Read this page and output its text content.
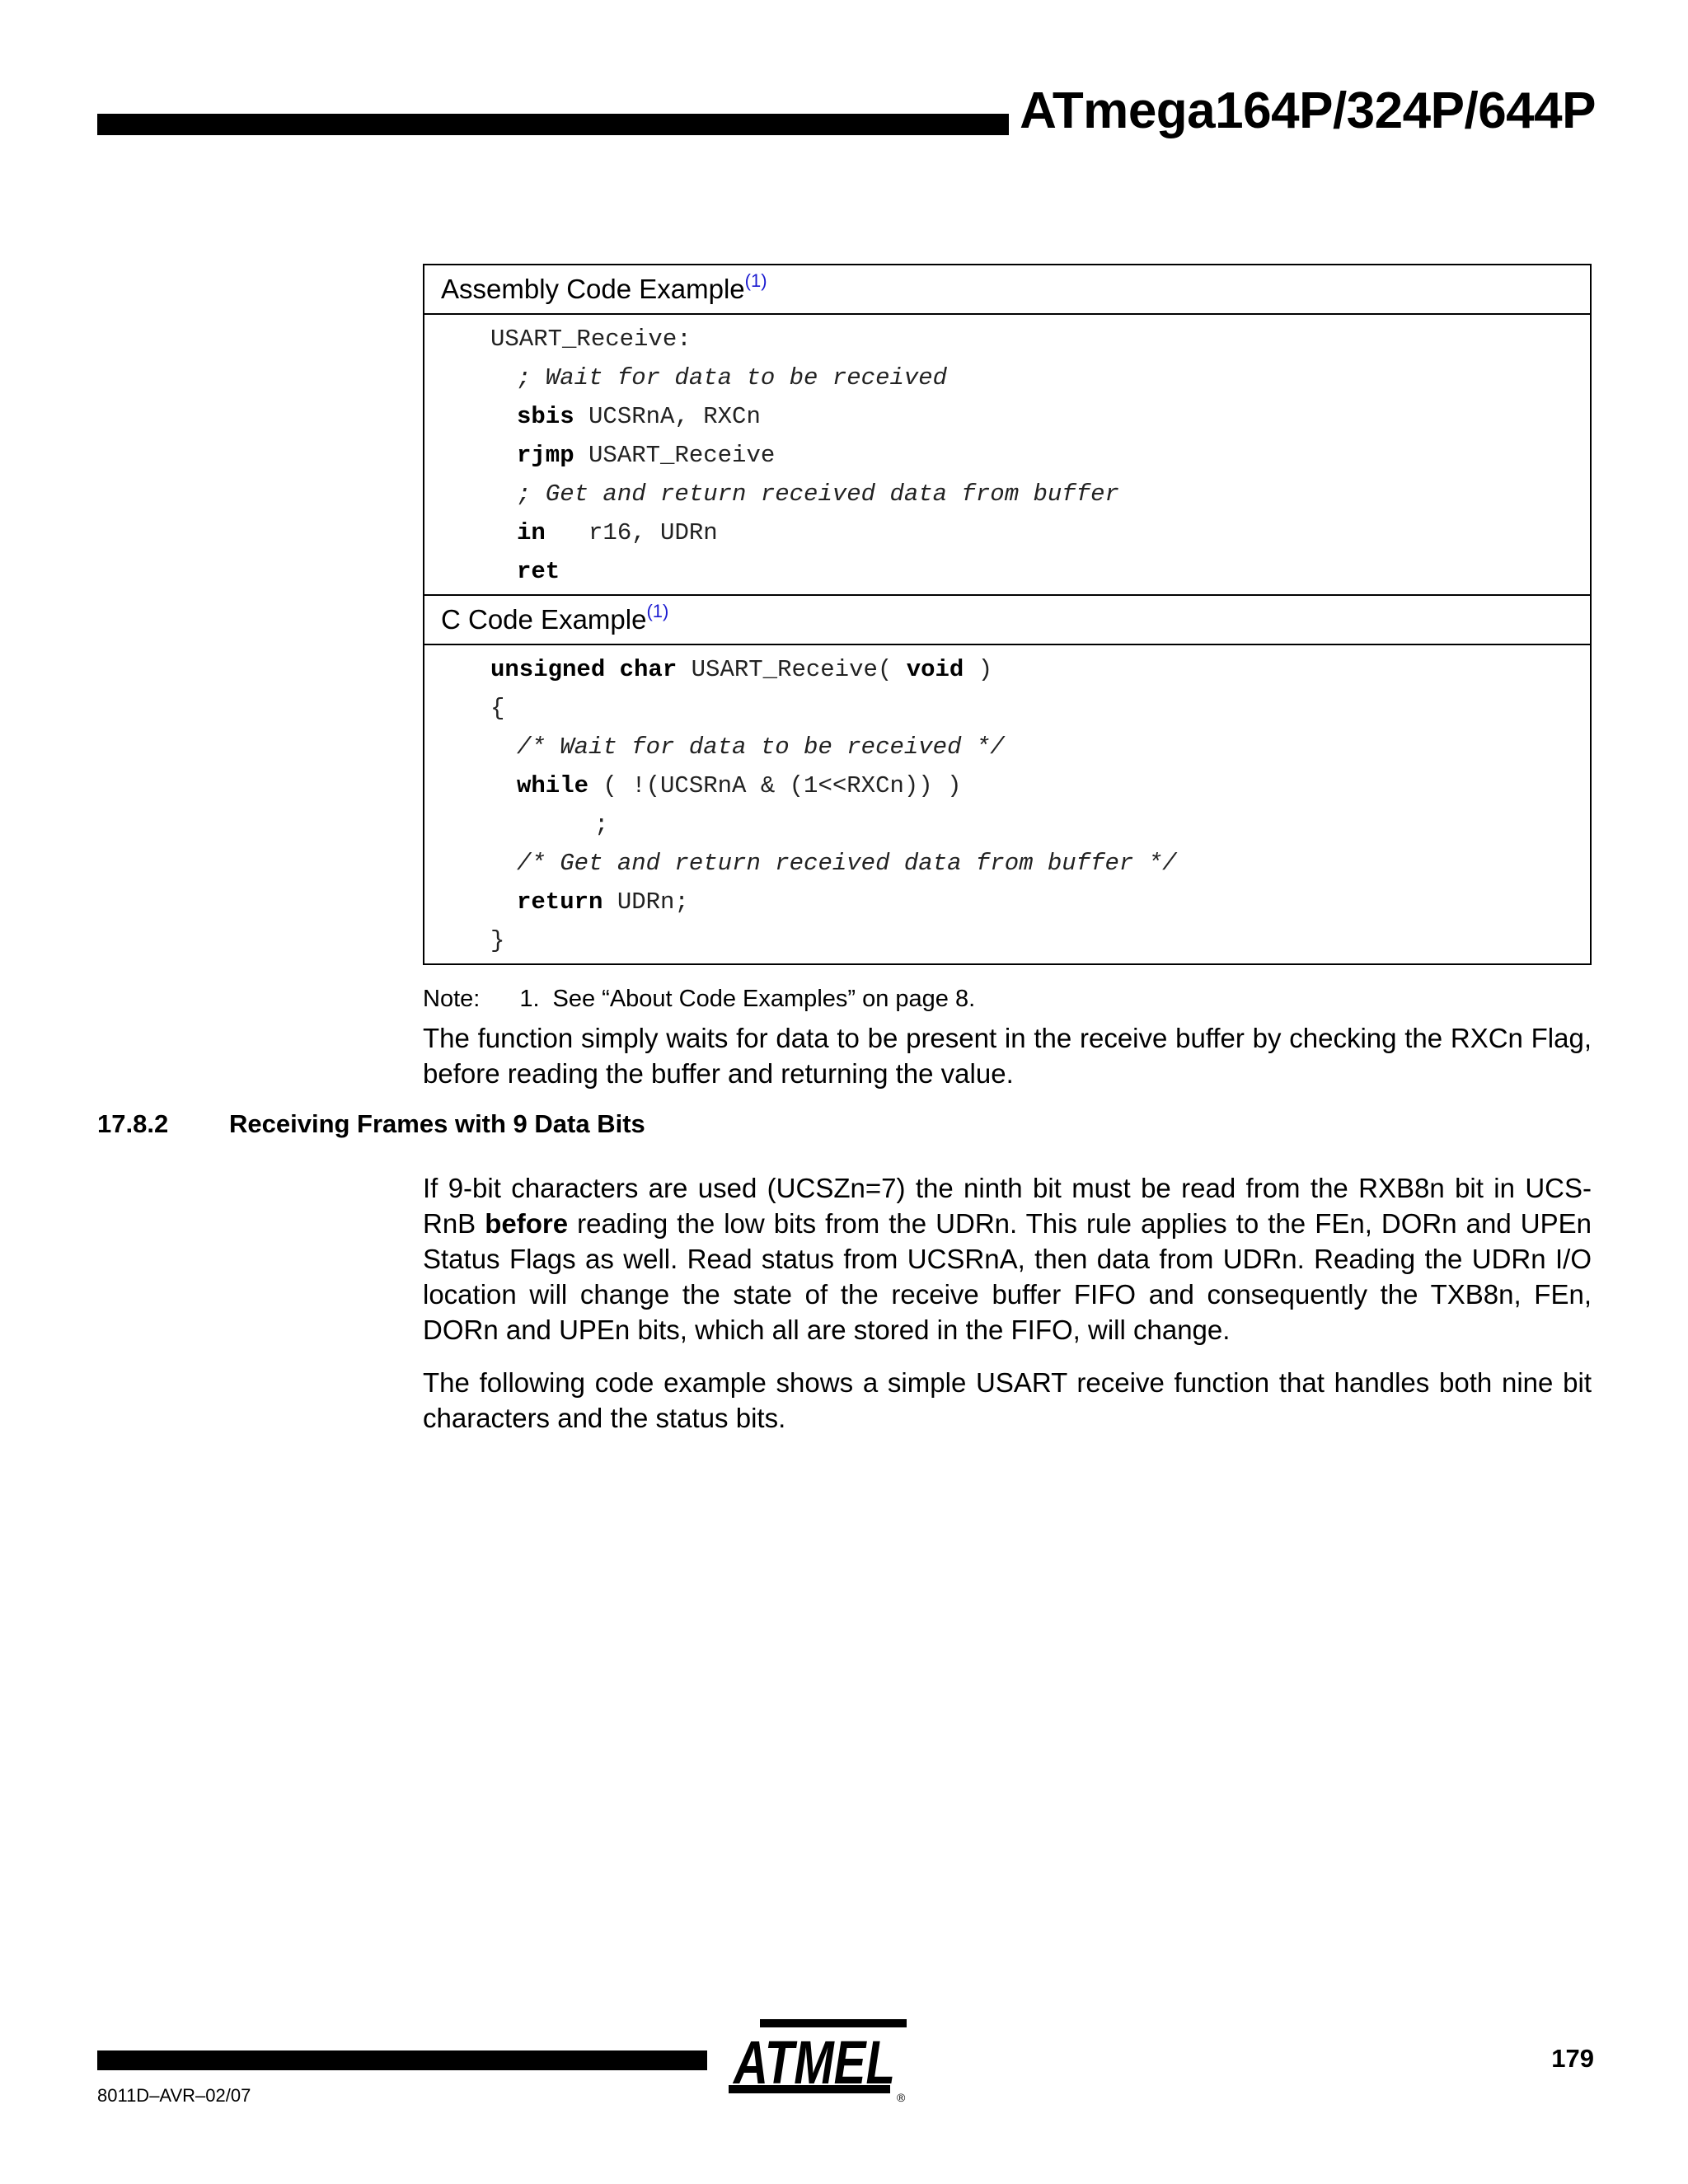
ATmega164P/324P/644P
Assembly Code Example$^{(1)}$
USART_Receive:
; Wait for data to be received
sbis UCSRnA, RXCn
rjmp USART_Receive
; Get and return received data from buffer
in   r16, UDRn
ret
C Code Example$^{(1)}$
unsigned char USART_Receive( void )
{
/* Wait for data to be received */
while ( !(UCSRnA & (1<<RXCn)) )
;
/* Get and return received data from buffer */
return UDRn;
}
Note: 1. See “About Code Examples” on page 8.
The function simply waits for data to be present in the receive buffer by checking the RXCn Flag, before reading the buffer and returning the value.
17.8.2 Receiving Frames with 9 Data Bits
If 9-bit characters are used (UCSZn=7) the ninth bit must be read from the RXB8n bit in UCS-RnB before reading the low bits from the UDRn. This rule applies to the FEn, DORn and UPEn Status Flags as well. Read status from UCSRnA, then data from UDRn. Reading the UDRn I/O location will change the state of the receive buffer FIFO and consequently the TXB8n, FEn, DORn and UPEn bits, which all are stored in the FIFO, will change.
The following code example shows a simple USART receive function that handles both nine bit characters and the status bits.
8011D–AVR–02/07
179
ATMEL
®
